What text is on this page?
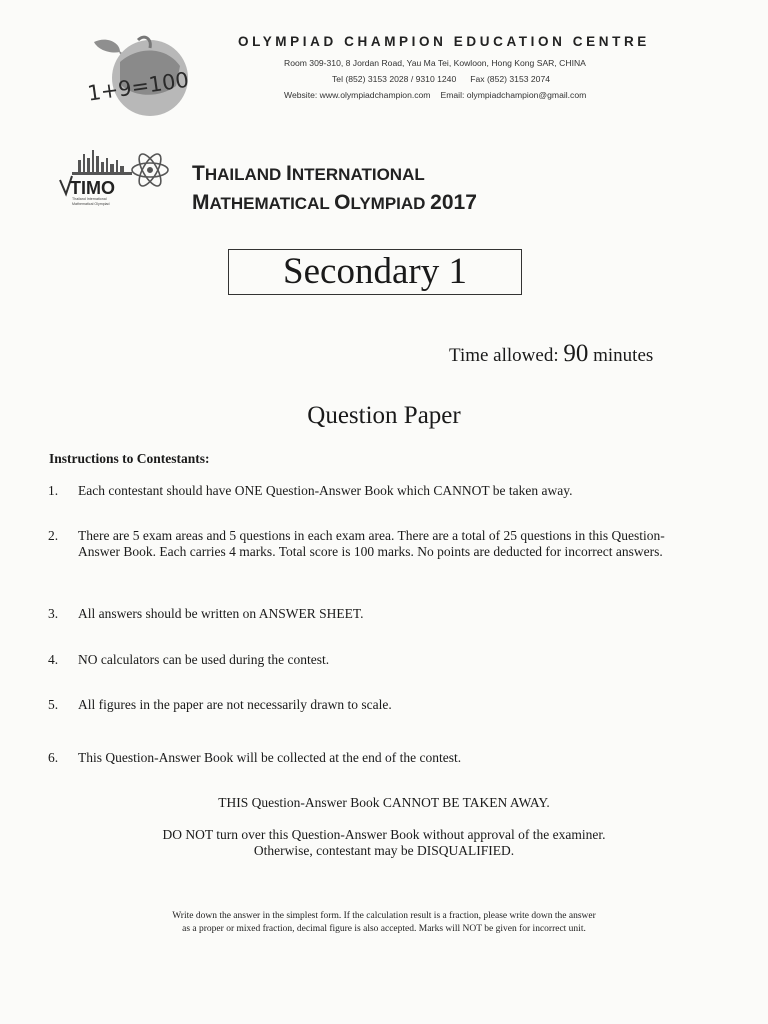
1+9=100
OLYMPIAD CHAMPION EDUCATION CENTRE
Room 309-310, 8 Jordan Road, Yau Ma Tei, Kowloon, Hong Kong SAR, CHINA
Tel (852) 3153 2028 / 9310 1240 Fax (852) 3153 2074
Website: www.olympiadchampion.com Email: olympiadchampion@gmail.com
TIMO
Thailand International
Mathematical Olympiad
THAILAND INTERNATIONAL
MATHEMATICAL OLYMPIAD 2017
Secondary 1
Time allowed: 90 minutes
Question Paper
Instructions to Contestants:
1. Each contestant should have ONE Question-Answer Book which CANNOT be taken away.
2. There are 5 exam areas and 5 questions in each exam area. There are a total of 25 questions in this Question-Answer Book. Each carries 4 marks. Total score is 100 marks. No points are deducted for incorrect answers.
3. All answers should be written on ANSWER SHEET.
4. NO calculators can be used during the contest.
5. All figures in the paper are not necessarily drawn to scale.
6. This Question-Answer Book will be collected at the end of the contest.
THIS Question-Answer Book CANNOT BE TAKEN AWAY.
DO NOT turn over this Question-Answer Book without approval of the examiner.
Otherwise, contestant may be DISQUALIFIED.
Write down the answer in the simplest form. If the calculation result is a fraction, please write down the answer
as a proper or mixed fraction, decimal figure is also accepted. Marks will NOT be given for incorrect unit.
